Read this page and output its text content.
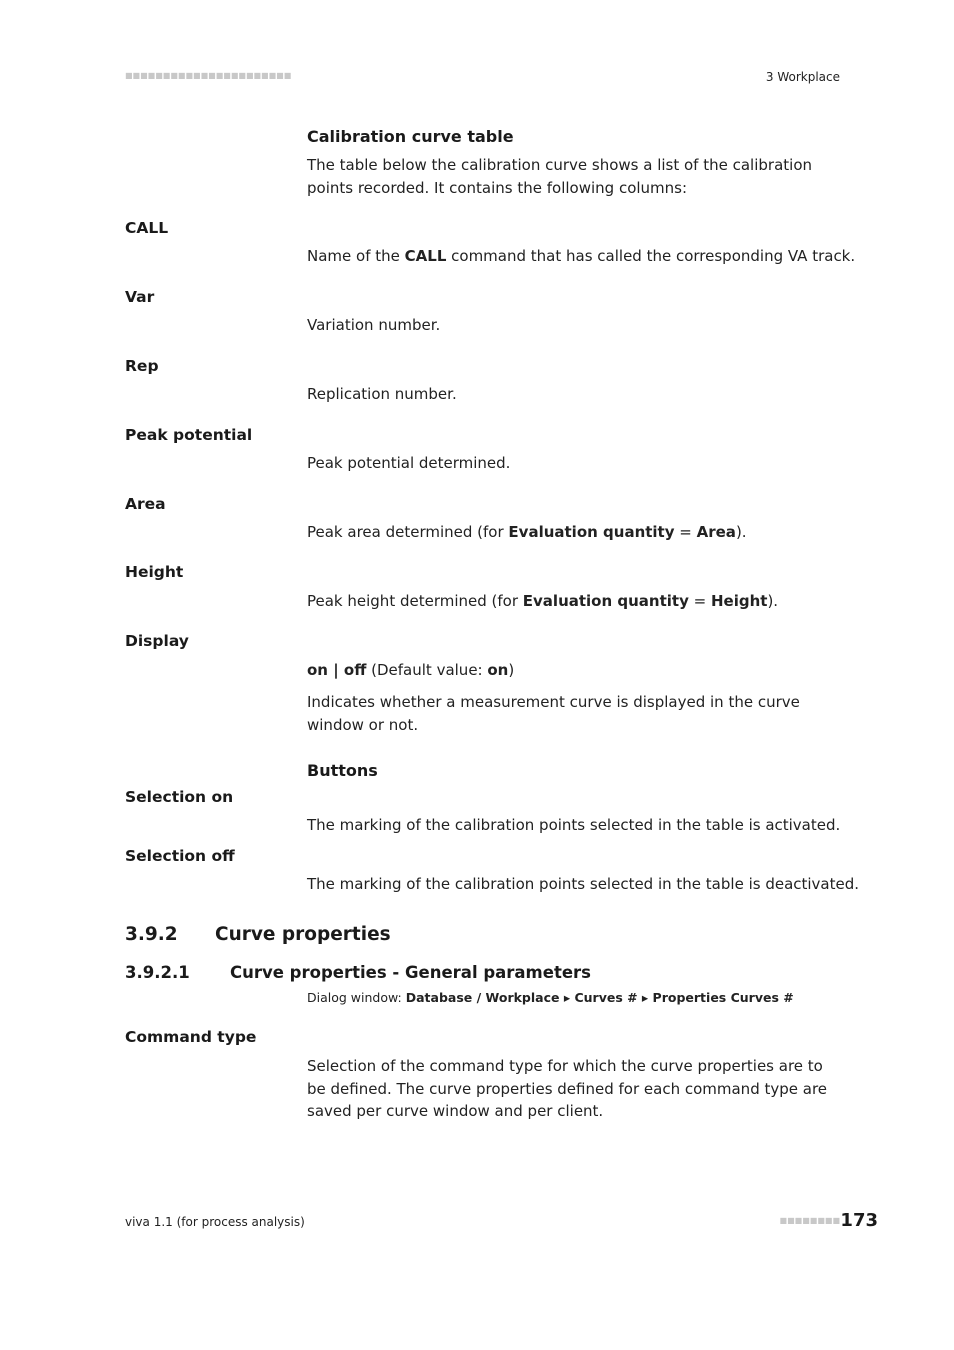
■■■■■■■■■■■■■■■■■■■■■■	3 Workplace
Calibration curve table
The table below the calibration curve shows a list of the calibration points recorded. It contains the following columns:
CALL
Name of the CALL command that has called the corresponding VA track.
Var
Variation number.
Rep
Replication number.
Peak potential
Peak potential determined.
Area
Peak area determined (for Evaluation quantity = Area).
Height
Peak height determined (for Evaluation quantity = Height).
Display
on | off (Default value: on)
Indicates whether a measurement curve is displayed in the curve window or not.
Buttons
Selection on
The marking of the calibration points selected in the table is activated.
Selection off
The marking of the calibration points selected in the table is deactivated.
3.9.2 Curve properties
3.9.2.1 Curve properties - General parameters
Dialog window: Database / Workplace ▸ Curves # ▸ Properties Curves #
Command type
Selection of the command type for which the curve properties are to be defined. The curve properties defined for each command type are saved per curve window and per client.
viva 1.1 (for process analysis)	■■■■■■■■ 173
